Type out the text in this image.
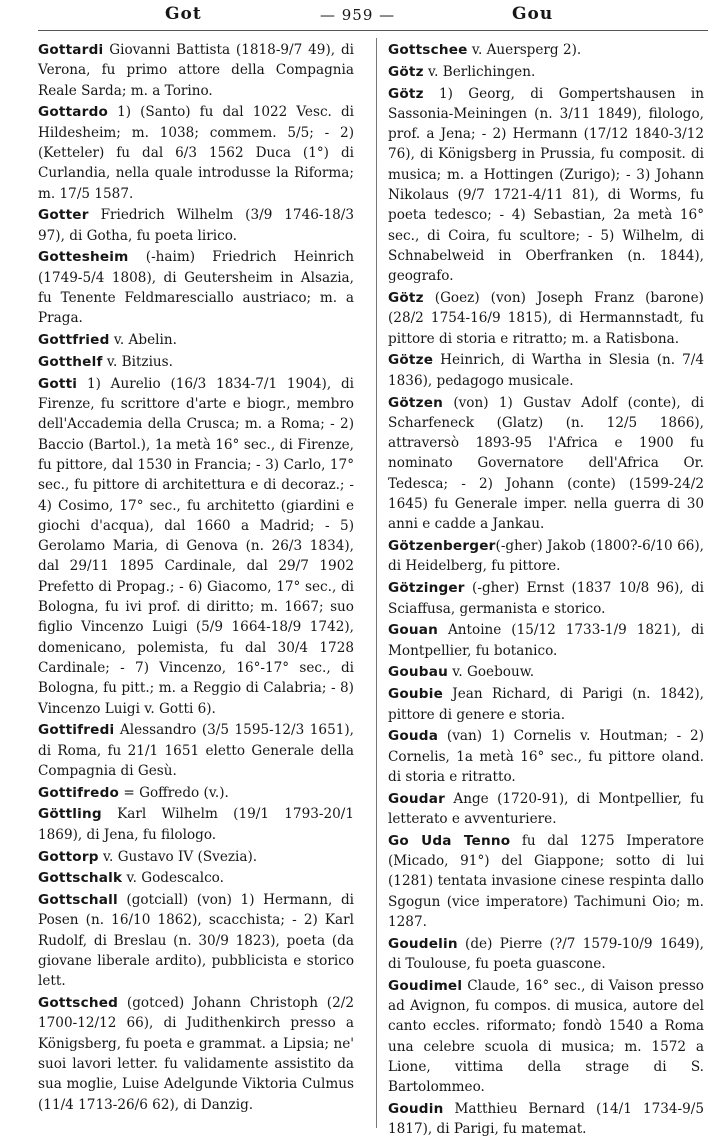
Got	— 959 —	Gou

Gottardi Giovanni Battista (1818-9/7 49), di Verona, fu primo attore della Compagnia Reale Sarda; m. a Torino.

Gottardo 1) (Santo) fu dal 1022 Vesc. di Hildesheim; m. 1038; commem. 5/5; - 2) (Ketteler) fu dal 6/3 1562 Duca (1°) di Curlandia, nella quale introdusse la Riforma; m. 17/5 1587.

Gotter Friedrich Wilhelm (3/9 1746-18/3 97), di Gotha, fu poeta lirico.

Gottesheim (-haim) Friedrich Heinrich (1749-5/4 1808), di Geutersheim in Alsazia, fu Tenente Feldmaresciallo austriaco; m. a Praga.

Gottfried v. Abelin.

Gotthelf v. Bitzius.

Gotti 1) Aurelio (16/3 1834-7/1 1904), di Firenze, fu scrittore d'arte e biogr., membro dell'Accademia della Crusca; m. a Roma; - 2) Baccio (Bartol.), 1a metà 16° sec., di Firenze, fu pittore, dal 1530 in Francia; - 3) Carlo, 17° sec., fu pittore di architettura e di decoraz.; - 4) Cosimo, 17° sec., fu architetto (giardini e giochi d'acqua), dal 1660 a Madrid; - 5) Gerolamo Maria, di Genova (n. 26/3 1834), dal 29/11 1895 Cardinale, dal 29/7 1902 Prefetto di Propag.; - 6) Giacomo, 17° sec., di Bologna, fu ivi prof. di diritto; m. 1667; suo figlio Vincenzo Luigi (5/9 1664-18/9 1742), domenicano, polemista, fu dal 30/4 1728 Cardinale; - 7) Vincenzo, 16°-17° sec., di Bologna, fu pitt.; m. a Reggio di Calabria; - 8) Vincenzo Luigi v. Gotti 6).

Gottifredi Alessandro (3/5 1595-12/3 1651), di Roma, fu 21/1 1651 eletto Generale della Compagnia di Gesù.

Gottifredo = Goffredo (v.).

Göttling Karl Wilhelm (19/1 1793-20/1 1869), di Jena, fu filologo.

Gottorp v. Gustavo IV (Svezia).

Gottschalk v. Godescalco.

Gottschall (gotciall) (von) 1) Hermann, di Posen (n. 16/10 1862), scacchista; - 2) Karl Rudolf, di Breslau (n. 30/9 1823), poeta (da giovane liberale ardito), pubblicista e storico lett.

Gottsched (gotced) Johann Christoph (2/2 1700-12/12 66), di Judithenkirch presso a Königsberg, fu poeta e grammat. a Lipsia; ne' suoi lavori letter. fu validamente assistito da sua moglie, Luise Adelgunde Viktoria Culmus (11/4 1713-26/6 62), di Danzig.

Gottschee v. Auersperg 2).

Götz v. Berlichingen.

Götz 1) Georg, di Gompertshausen in Sassonia-Meiningen (n. 3/11 1849), filologo, prof. a Jena; - 2) Hermann (17/12 1840-3/12 76), di Königsberg in Prussia, fu composit. di musica; m. a Hottingen (Zurigo); - 3) Johann Nikolaus (9/7 1721-4/11 81), di Worms, fu poeta tedesco; - 4) Sebastian, 2a metà 16° sec., di Coira, fu scultore; - 5) Wilhelm, di Schnabelweid in Oberfranken (n. 1844), geografo.

Götz (Goez) (von) Joseph Franz (barone) (28/2 1754-16/9 1815), di Hermannstadt, fu pittore di storia e ritratto; m. a Ratisbona.

Götze Heinrich, di Wartha in Slesia (n. 7/4 1836), pedagogo musicale.

Götzen (von) 1) Gustav Adolf (conte), di Scharfeneck (Glatz) (n. 12/5 1866), attraversò 1893-95 l'Africa e 1900 fu nominato Governatore dell'Africa Or. Tedesca; - 2) Johann (conte) (1599-24/2 1645) fu Generale imper. nella guerra di 30 anni e cadde a Jankau.

Götzenberger(-gher) Jakob (1800?-6/10 66), di Heidelberg, fu pittore.

Götzinger (-gher) Ernst (1837 10/8 96), di Sciaffusa, germanista e storico.

Gouan Antoine (15/12 1733-1/9 1821), di Montpellier, fu botanico.

Goubau v. Goebouw.

Goubie Jean Richard, di Parigi (n. 1842), pittore di genere e storia.

Gouda (van) 1) Cornelis v. Houtman; - 2) Cornelis, 1a metà 16° sec., fu pittore oland. di storia e ritratto.

Goudar Ange (1720-91), di Montpellier, fu letterato e avventuriere.

Go Uda Tenno fu dal 1275 Imperatore (Micado, 91°) del Giappone; sotto di lui (1281) tentata invasione cinese respinta dallo Sgogun (vice imperatore) Tachimuni Oio; m. 1287.

Goudelin (de) Pierre (?/7 1579-10/9 1649), di Toulouse, fu poeta guascone.

Goudimel Claude, 16° sec., di Vaison presso ad Avignon, fu compos. di musica, autore del canto eccles. riformato; fondò 1540 a Roma una celebre scuola di musica; m. 1572 a Lione, vittima della strage di S. Bartolommeo.

Goudin Matthieu Bernard (14/1 1734-9/5 1817), di Parigi, fu matemat.
